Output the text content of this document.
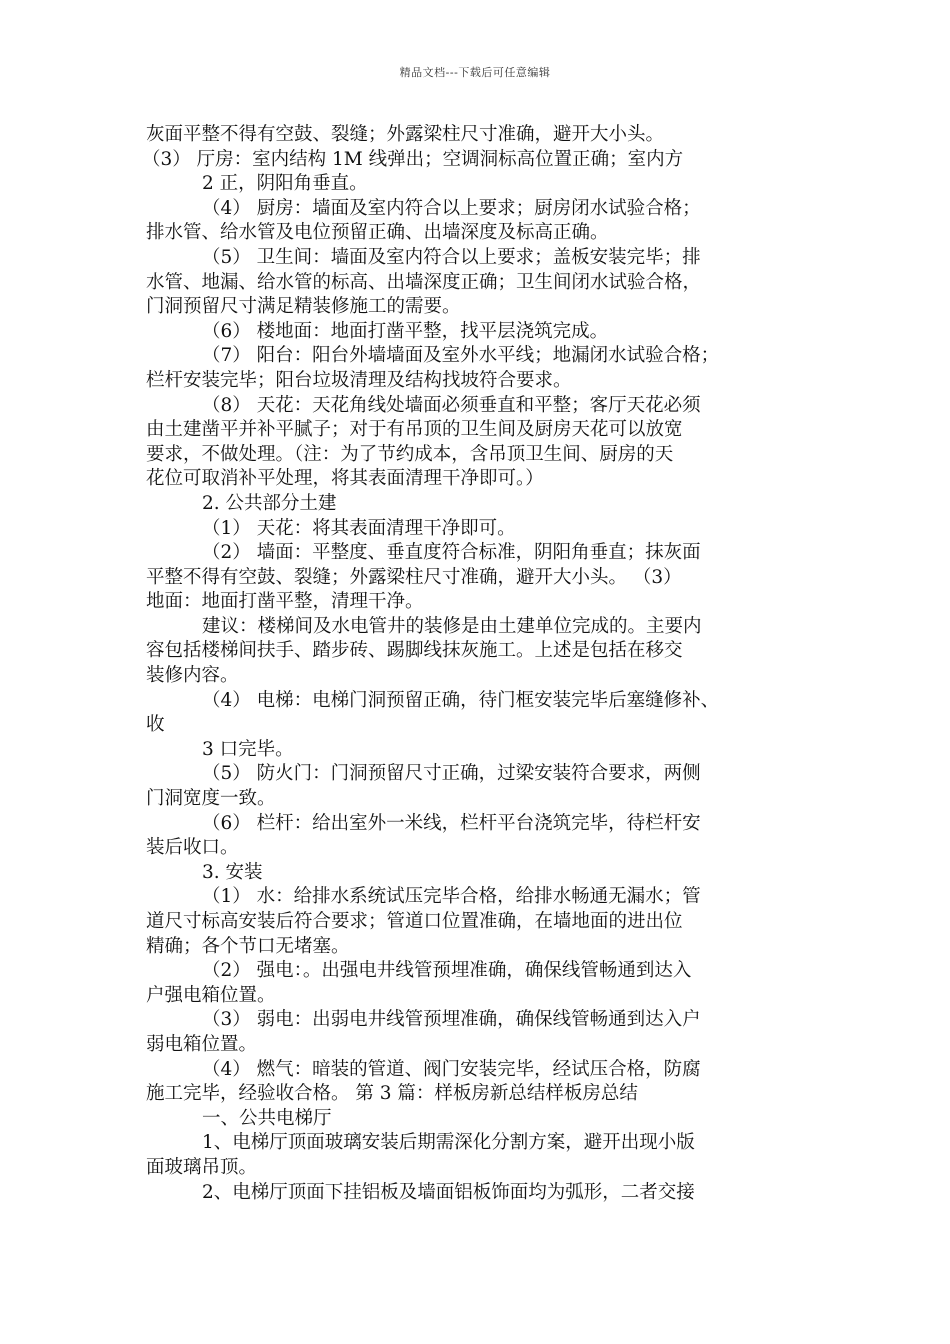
精品文档---下载后可任意编辑

灰面平整不得有空鼓、裂缝；外露梁柱尺寸准确，避开大小头。

（3） 厅房：室内结构 1M 线弹出；空调洞标高位置正确；室内方

2 正，阴阳角垂直。

（4） 厨房：墙面及室内符合以上要求；厨房闭水试验合格；

排水管、给水管及电位预留正确、出墙深度及标高正确。

（5） 卫生间：墙面及室内符合以上要求；盖板安装完毕；排

水管、地漏、给水管的标高、出墙深度正确；卫生间闭水试验合格，

门洞预留尺寸满足精装修施工的需要。

（6） 楼地面：地面打凿平整，找平层浇筑完成。

（7） 阳台：阳台外墙墙面及室外水平线；地漏闭水试验合格；

栏杆安装完毕；阳台垃圾清理及结构找坡符合要求。

（8） 天花：天花角线处墙面必须垂直和平整；客厅天花必须

由土建凿平并补平腻子；对于有吊顶的卫生间及厨房天花可以放宽

要求，不做处理。（注：为了节约成本，含吊顶卫生间、厨房的天

花位可取消补平处理，将其表面清理干净即可。）

2. 公共部分土建

（1） 天花：将其表面清理干净即可。

（2） 墙面：平整度、垂直度符合标准，阴阳角垂直；抹灰面

平整不得有空鼓、裂缝；外露梁柱尺寸准确，避开大小头。 （3）

地面：地面打凿平整，清理干净。

建议：楼梯间及水电管井的装修是由土建单位完成的。主要内

容包括楼梯间扶手、踏步砖、踢脚线抹灰施工。上述是包括在移交

装修内容。

（4） 电梯：电梯门洞预留正确，待门框安装完毕后塞缝修补、

收

3 口完毕。

（5） 防火门：门洞预留尺寸正确，过梁安装符合要求，两侧

门洞宽度一致。

（6） 栏杆：给出室外一米线，栏杆平台浇筑完毕，待栏杆安

装后收口。

3. 安装

（1） 水：给排水系统试压完毕合格，给排水畅通无漏水；管

道尺寸标高安装后符合要求；管道口位置准确，在墙地面的进出位

精确；各个节口无堵塞。

（2） 强电：。出强电井线管预埋准确，确保线管畅通到达入

户强电箱位置。

（3） 弱电：出弱电井线管预埋准确，确保线管畅通到达入户

弱电箱位置。

（4） 燃气：暗装的管道、阀门安装完毕，经试压合格，防腐

施工完毕，经验收合格。 第 3 篇：样板房新总结样板房总结

一、公共电梯厅

1、电梯厅顶面玻璃安装后期需深化分割方案，避开出现小版

面玻璃吊顶。

2、电梯厅顶面下挂铝板及墙面铝板饰面均为弧形，二者交接
